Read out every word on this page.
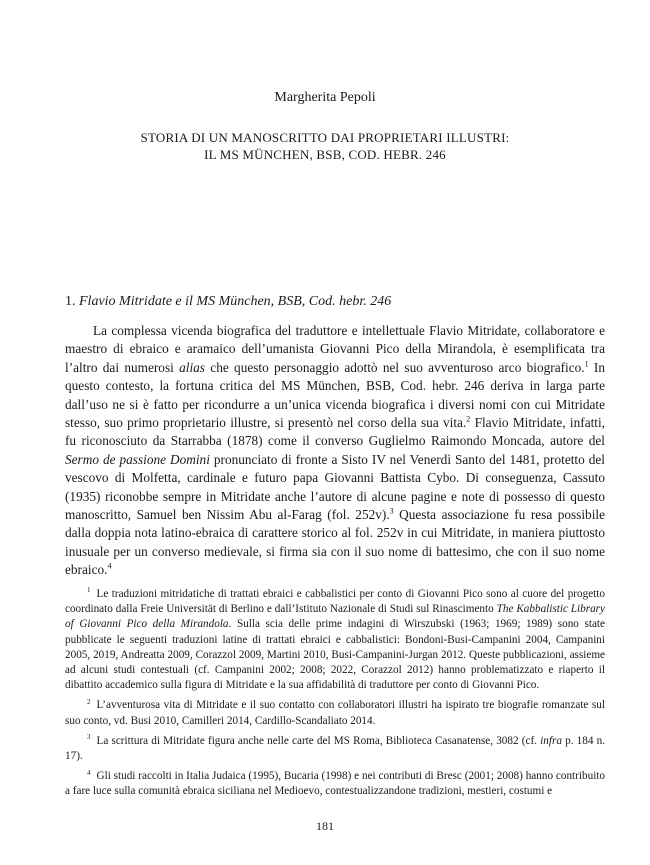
Margherita Pepoli
STORIA DI UN MANOSCRITTO DAI PROPRIETARI ILLUSTRI:
IL MS MÜNCHEN, BSB, COD. HEBR. 246
1. Flavio Mitridate e il MS München, BSB, Cod. hebr. 246

La complessa vicenda biografica del traduttore e intellettuale Flavio Mitridate, collaboratore e maestro di ebraico e aramaico dell’umanista Giovanni Pico della Mirandola, è esemplificata tra l’altro dai numerosi alias che questo personaggio adottò nel suo avventuroso arco biografico.$^1$ In questo contesto, la fortuna critica del MS München, BSB, Cod. hebr. 246 deriva in larga parte dall’uso ne si è fatto per ricondurre a un’unica vicenda biografica i diversi nomi con cui Mitridate stesso, suo primo proprietario illustre, si presentò nel corso della sua vita.$^2$ Flavio Mitridate, infatti, fu riconosciuto da Starrabba (1878) come il converso Guglielmo Raimondo Moncada, autore del Sermo de passione Domini pronunciato di fronte a Sisto IV nel Venerdì Santo del 1481, protetto del vescovo di Molfetta, cardinale e futuro papa Giovanni Battista Cybo. Di conseguenza, Cassuto (1935) riconobbe sempre in Mitridate anche l’autore di alcune pagine e note di possesso di questo manoscritto, Samuel ben Nissim Abu al-Farag (fol. 252v).$^3$ Questa associazione fu resa possibile dalla doppia nota latino-ebraica di carattere storico al fol. 252v in cui Mitridate, in maniera piuttosto inusuale per un converso medievale, si firma sia con il suo nome di battesimo, che con il suo nome ebraico.$^4$

$^1$ Le traduzioni mitridatiche di trattati ebraici e cabbalistici per conto di Giovanni Pico sono al cuore del progetto coordinato dalla Freie Universität di Berlino e dall’Istituto Nazionale di Studi sul Rinascimento The Kabbalistic Library of Giovanni Pico della Mirandola. Sulla scia delle prime indagini di Wirszubski (1963; 1969; 1989) sono state pubblicate le seguenti traduzioni latine di trattati ebraici e cabbalistici: Bondoni-Busi-Campanini 2004, Campanini 2005, 2019, Andreatta 2009, Corazzol 2009, Martini 2010, Busi-Campanini-Jurgan 2012. Queste pubblicazioni, assieme ad alcuni studi contestuali (cf. Campanini 2002; 2008; 2022, Corazzol 2012) hanno problematizzato e riaperto il dibattito accademico sulla figura di Mitridate e la sua affidabilità di traduttore per conto di Giovanni Pico.

$^2$ L’avventurosa vita di Mitridate e il suo contatto con collaboratori illustri ha ispirato tre biografie romanzate sul suo conto, vd. Busi 2010, Camilleri 2014, Cardillo-Scandaliato 2014.

$^3$ La scrittura di Mitridate figura anche nelle carte del MS Roma, Biblioteca Casanatense, 3082 (cf. infra p. 184 n. 17).

$^4$ Gli studi raccolti in Italia Judaica (1995), Bucaria (1998) e nei contributi di Bresc (2001; 2008) hanno contribuito a fare luce sulla comunità ebraica siciliana nel Medioevo, contestualizzandone tradizioni, mestieri, costumi e

181
